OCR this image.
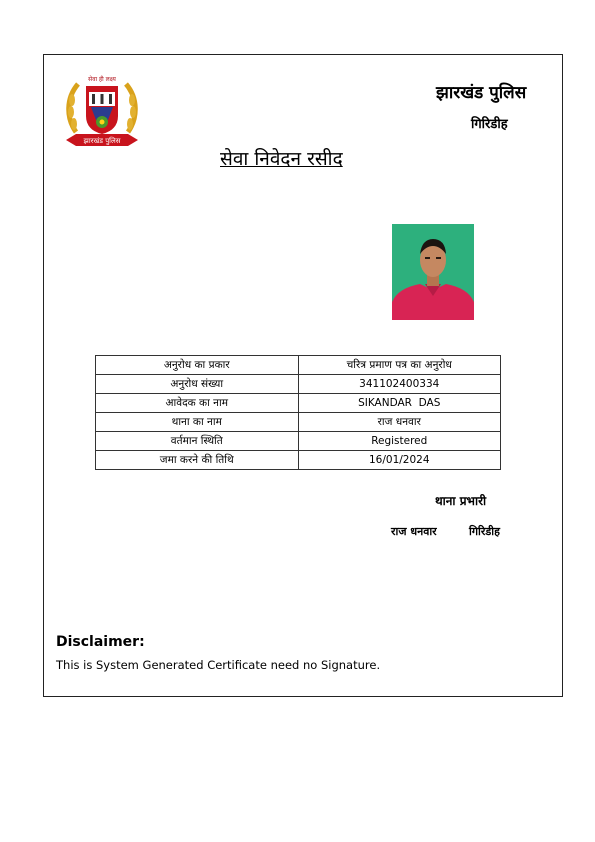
सेवा ही लक्ष्य
झारखंड पुलिस
झारखंड पुलिस
गिरिडीह
सेवा निवेदन रसीद
अनुरोध का प्रकार	चरित्र प्रमाण पत्र का अनुरोध
अनुरोध संख्या	341102400334
आवेदक का नाम	SIKANDAR  DAS
थाना का नाम	राज धनवार
वर्तमान स्थिति	Registered
जमा करने की तिथि	16/01/2024
थाना प्रभारी
राज धनवार	गिरिडीह
Disclaimer:
This is System Generated Certificate need no Signature.
